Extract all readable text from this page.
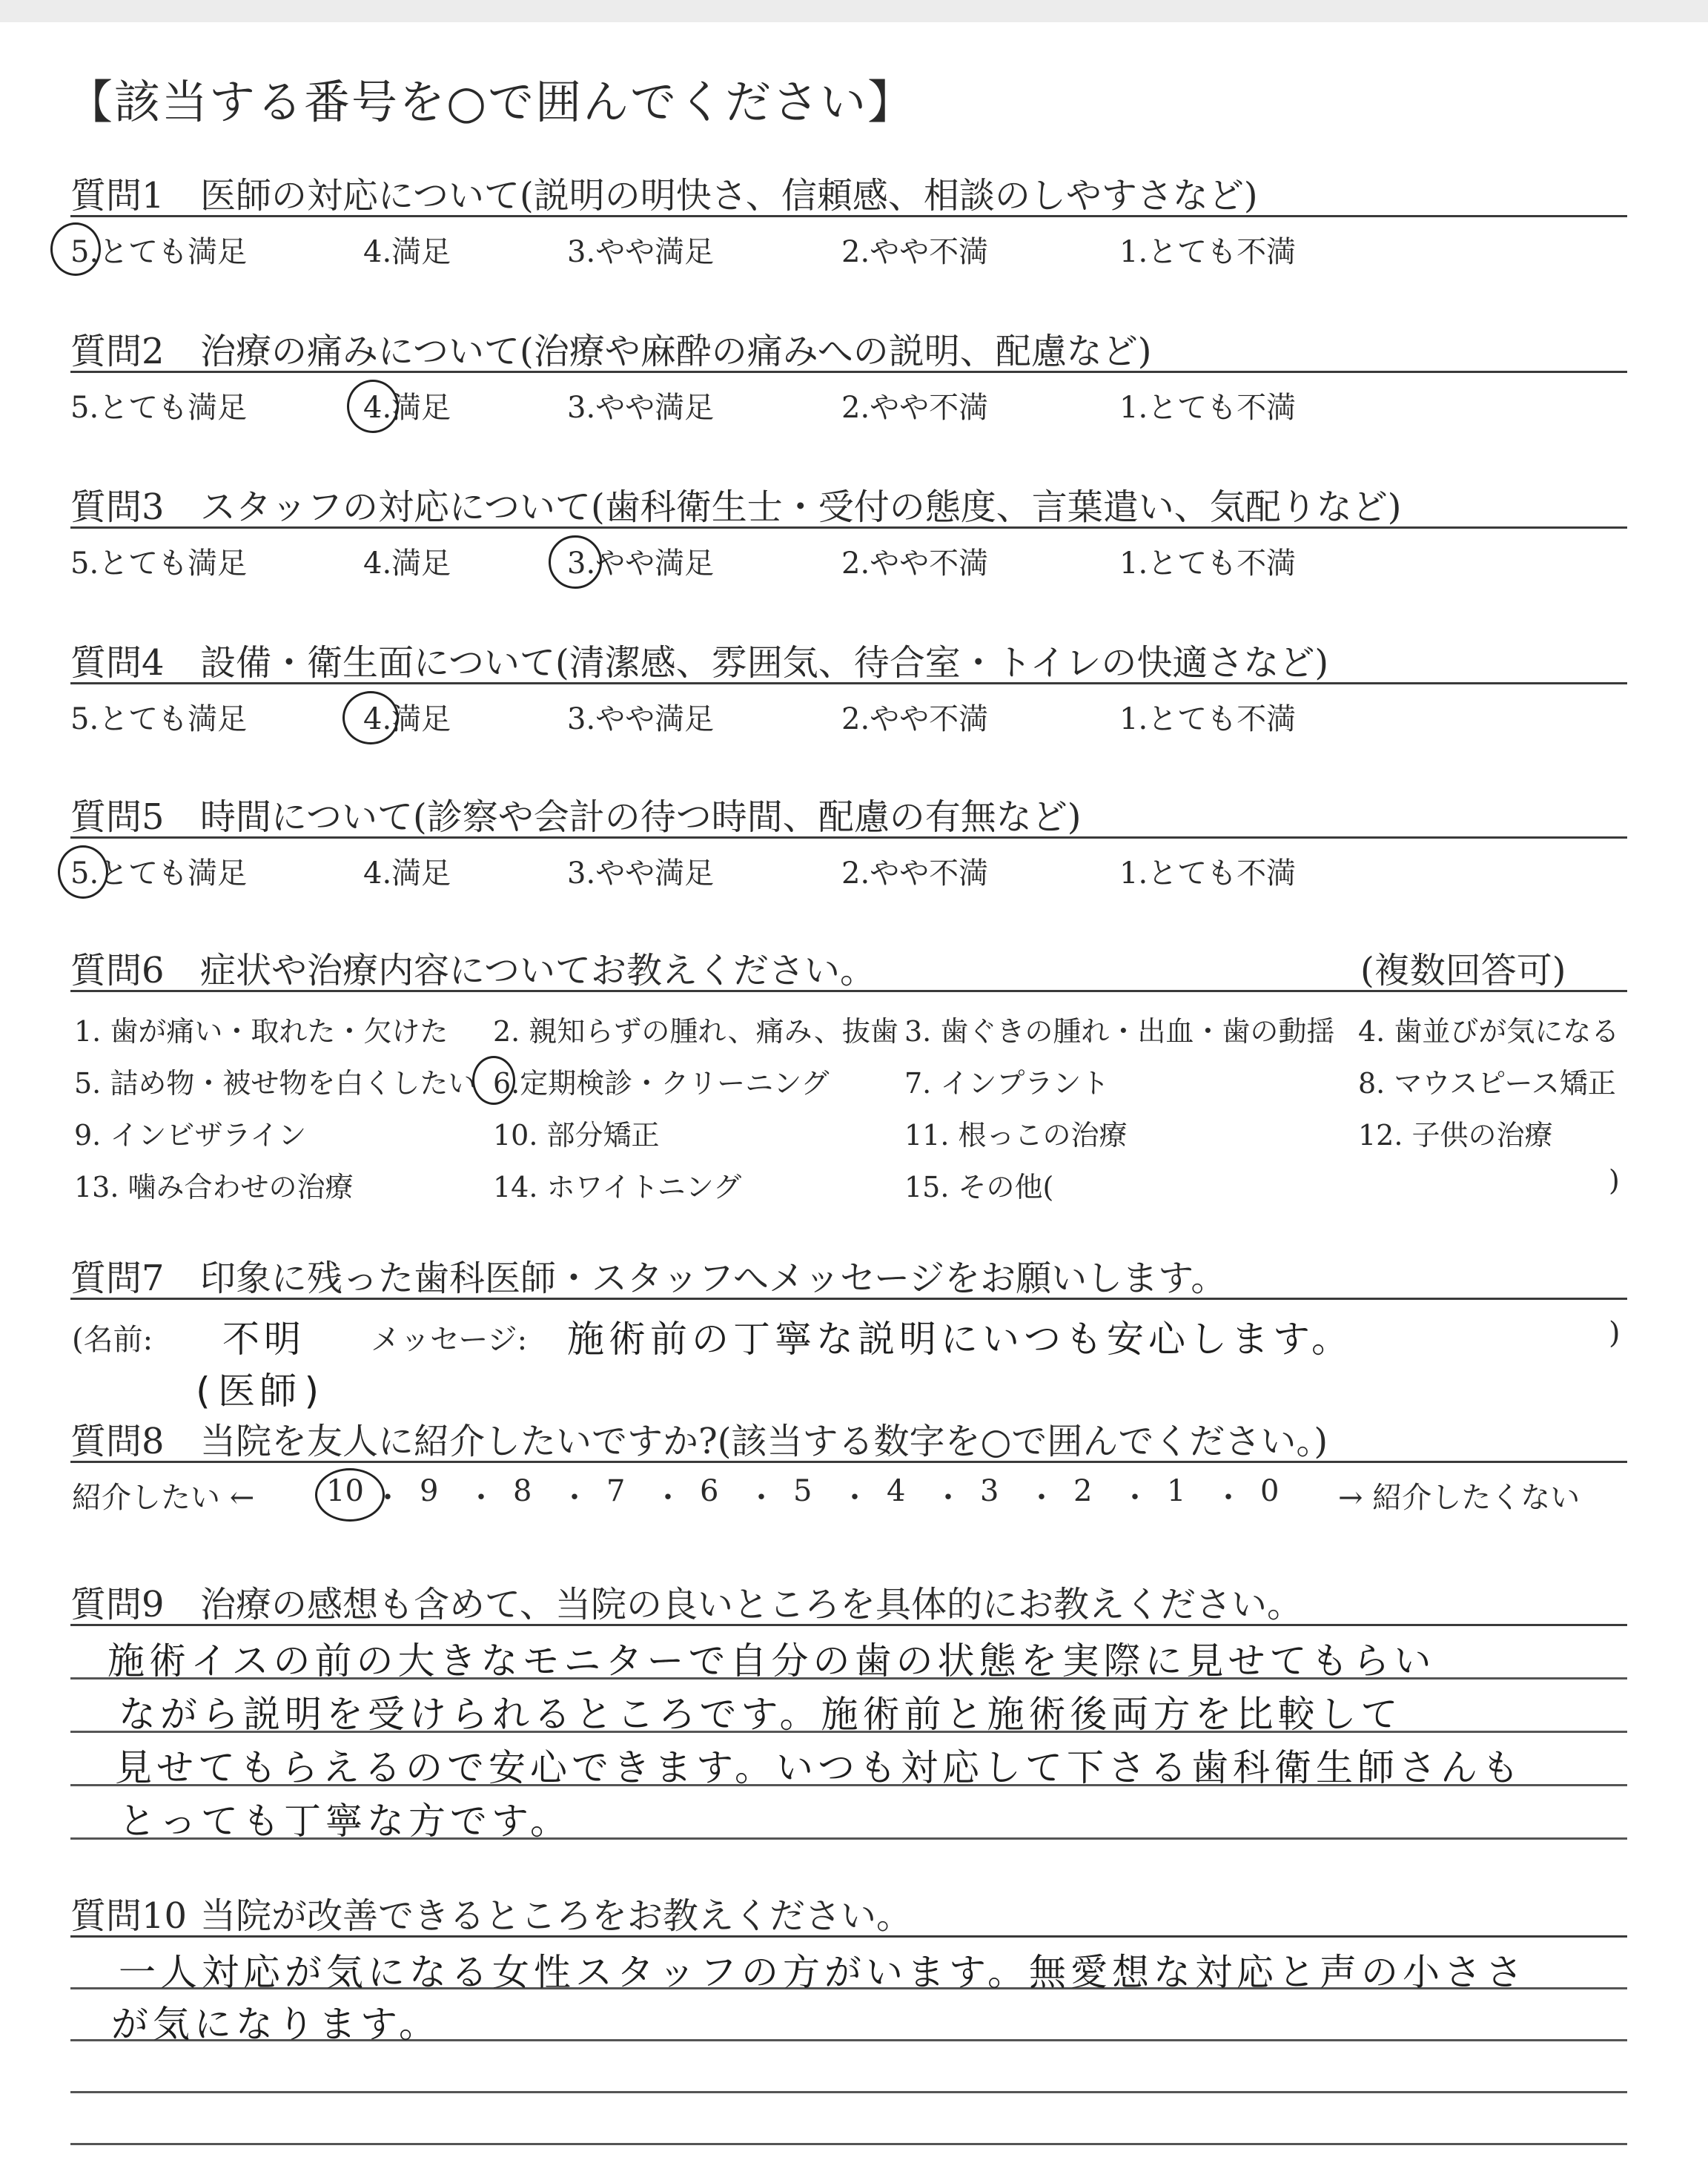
【該当する番号を○で囲んでください】
質問1 医師の対応について(説明の明快さ、信頼感、相談のしやすさなど)
5.とても満足	4.満足	3.やや満足	2.やや不満	1.とても不満
質問2 治療の痛みについて(治療や麻酔の痛みへの説明、配慮など)
5.とても満足	4.満足	3.やや満足	2.やや不満	1.とても不満
質問3 スタッフの対応について(歯科衛生士・受付の態度、言葉遣い、気配りなど)
5.とても満足	4.満足	3.やや満足	2.やや不満	1.とても不満
質問4 設備・衛生面について(清潔感、雰囲気、待合室・トイレの快適さなど)
5.とても満足	4.満足	3.やや満足	2.やや不満	1.とても不満
質問5 時間について(診察や会計の待つ時間、配慮の有無など)
5.とても満足	4.満足	3.やや満足	2.やや不満	1.とても不満
質問6 症状や治療内容についてお教えください。	(複数回答可)
1. 歯が痛い・取れた・欠けた 2. 親知らずの腫れ、痛み、抜歯 3. 歯ぐきの腫れ・出血・歯の動揺 4. 歯並びが気になる
5. 詰め物・被せ物を白くしたい 6.定期検診・クリーニング	7. インプラント	8. マウスピース矯正
9. インビザライン	10. 部分矯正	11. 根っこの治療	12. 子供の治療
13. 噛み合わせの治療	14. ホワイトニング	15. その他(	)
質問7 印象に残った歯科医師・スタッフへメッセージをお願いします。
(名前: 不明
(医師)
メッセージ: 施術前の丁寧な説明にいつも安心します。	)
質問8 当院を友人に紹介したいですか?(該当する数字を○で囲んでください。)
紹介したい ←	→ 紹介したくない
10 ・ 9 ・ 8 ・ 7 ・ 6 ・ 5 ・ 4 ・ 3 ・ 2 ・ 1 ・ 0
質問9 治療の感想も含めて、当院の良いところを具体的にお教えください。
施術イスの前の大きなモニターで自分の歯の状態を実際に見せてもらい
ながら説明を受けられるところです。施術前と施術後両方を比較して
見せてもらえるので安心できます。いつも対応して下さる歯科衛生師さんも
とっても丁寧な方です。
質問10 当院が改善できるところをお教えください。
一人対応が気になる女性スタッフの方がいます。無愛想な対応と声の小ささ
が気になります。
